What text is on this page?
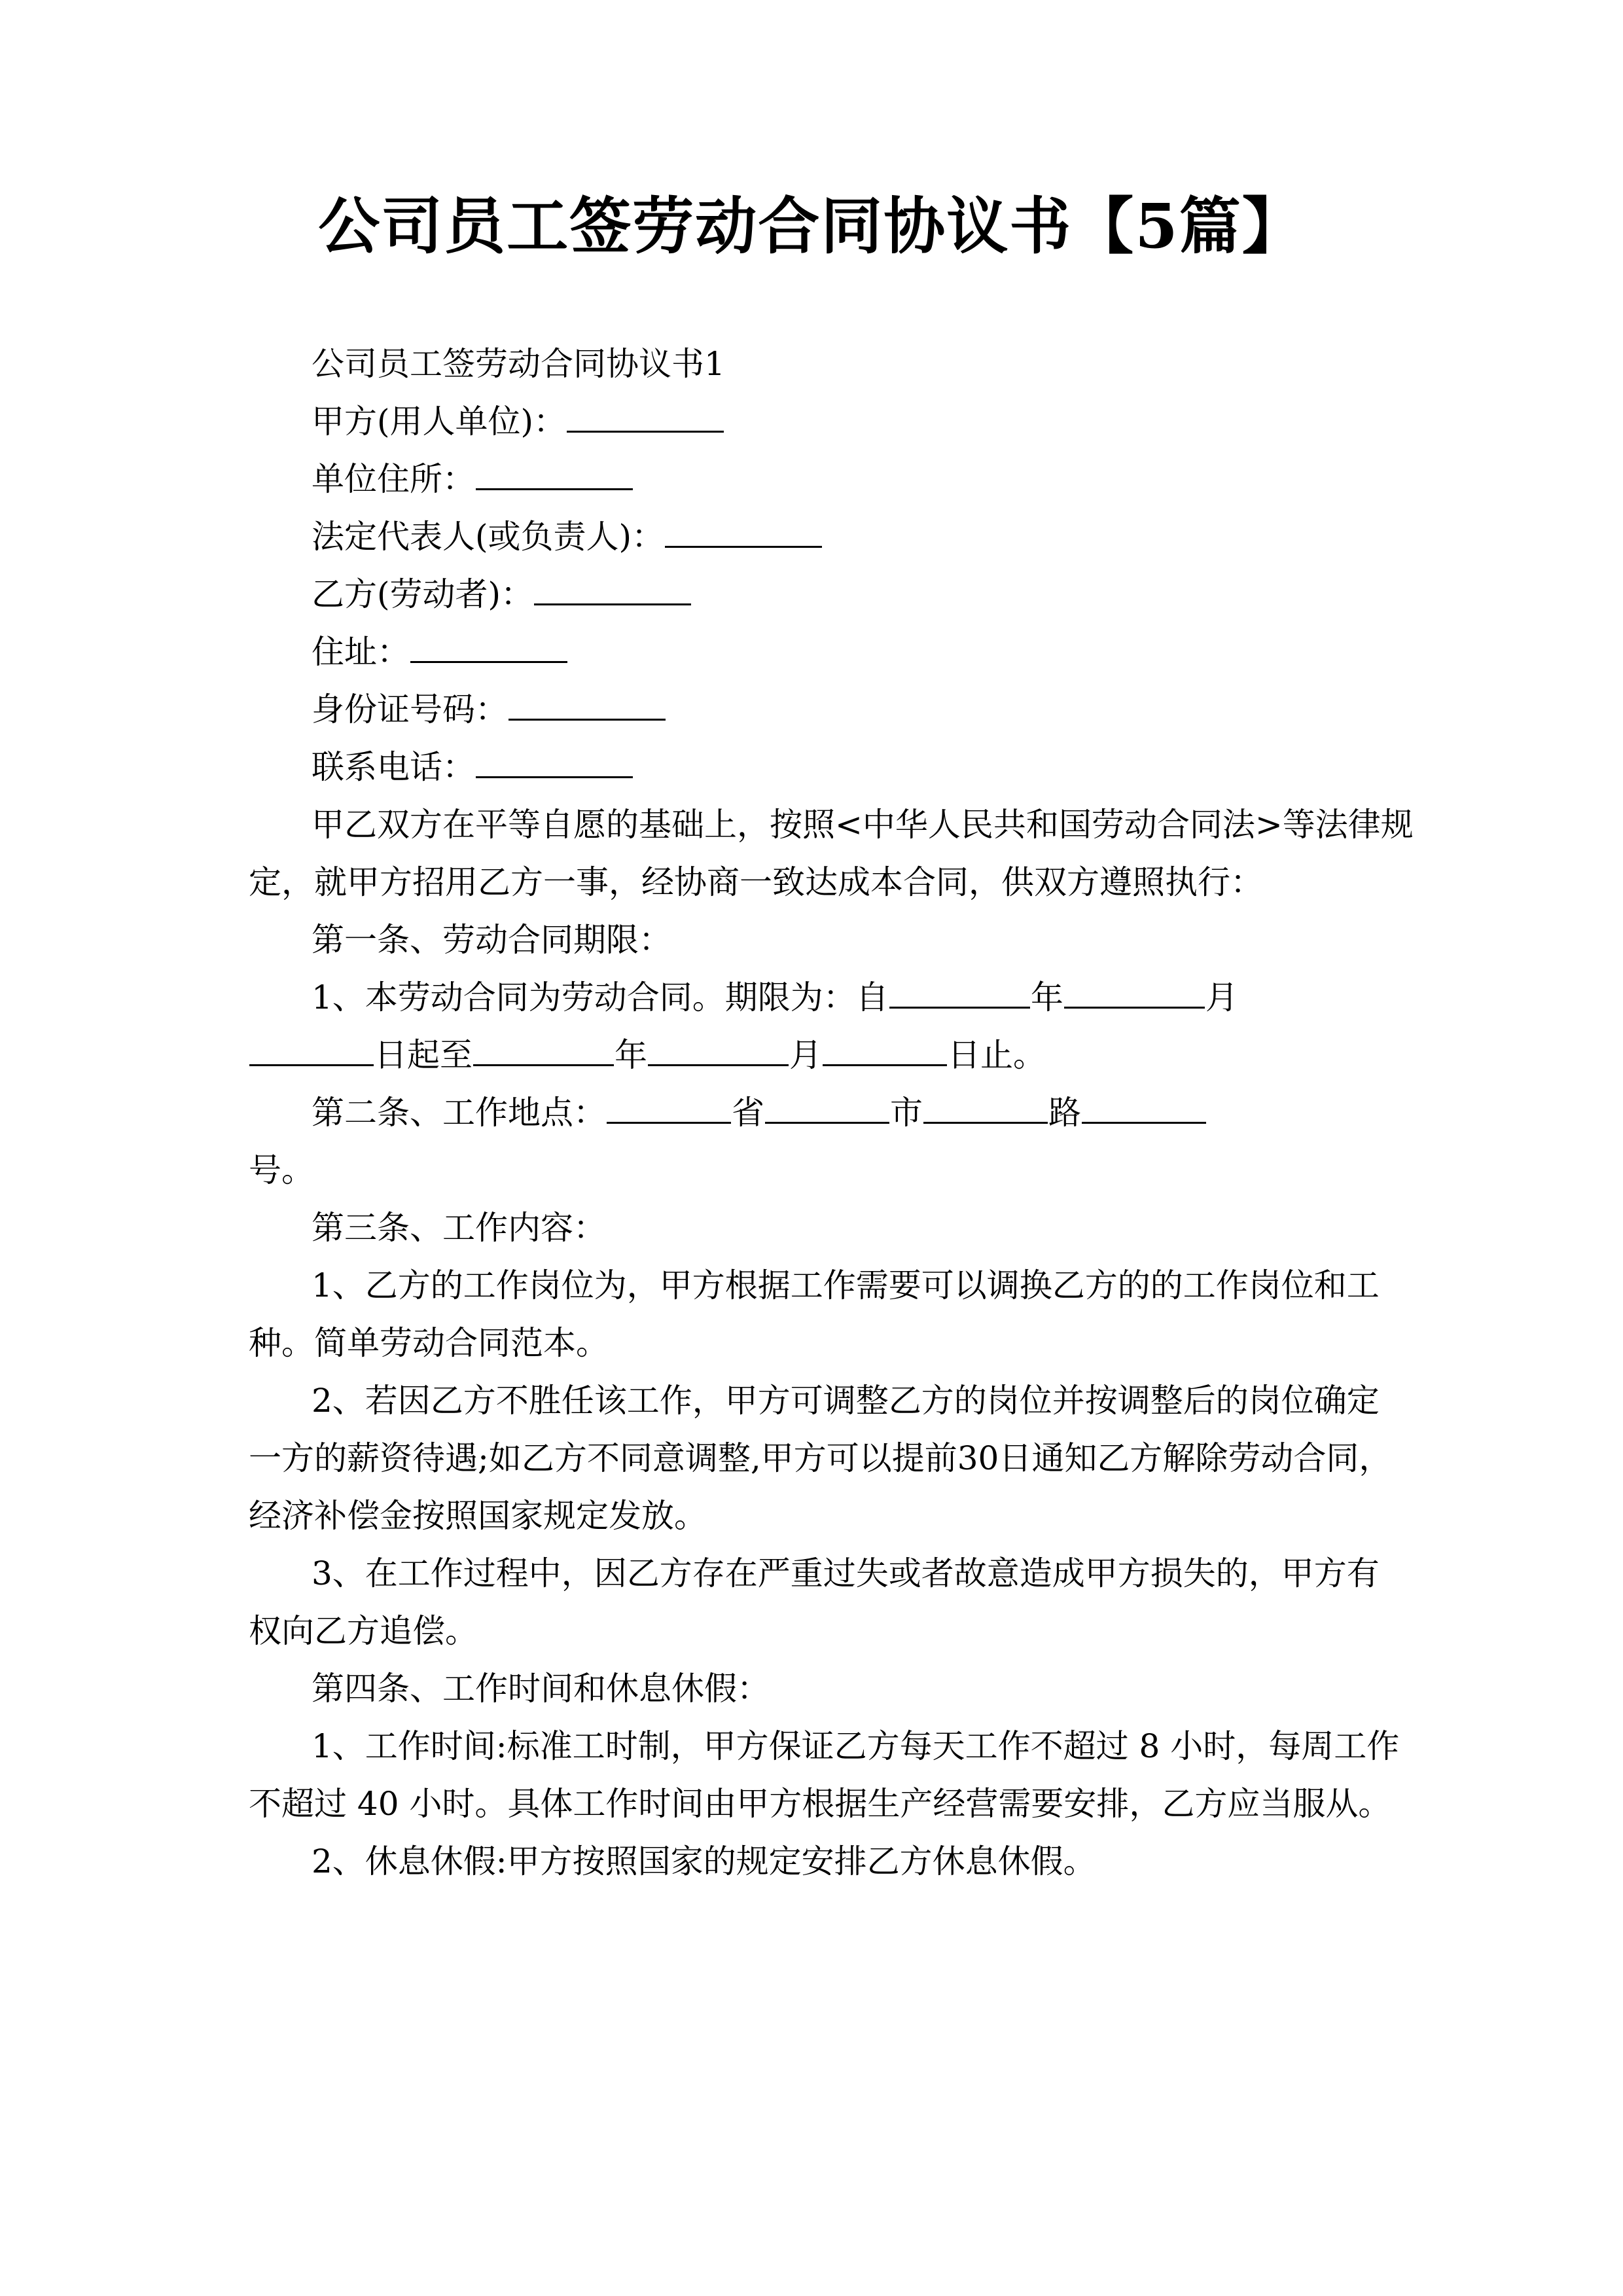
公司员工签劳动合同协议书【5篇】
公司员工签劳动合同协议书1
甲方(用人单位)：
单位住所：
法定代表人(或负责人)：
乙方(劳动者)：
住址：
身份证号码：
联系电话：
甲乙双方在平等自愿的基础上，按照<中华人民共和国劳动合同法>等法律规
定，就甲方招用乙方一事，经协商一致达成本合同，供双方遵照执行：
第一条、劳动合同期限：
1、本劳动合同为劳动合同。期限为：自	年	月
日起至	年	月	日止。
第二条、工作地点：	省	市	路
号。
第三条、工作内容：
1、乙方的工作岗位为，甲方根据工作需要可以调换乙方的的工作岗位和工
种。简单劳动合同范本。
2、若因乙方不胜任该工作，甲方可调整乙方的岗位并按调整后的岗位确定
一方的薪资待遇;如乙方不同意调整,甲方可以提前30日通知乙方解除劳动合同，
经济补偿金按照国家规定发放。
3、在工作过程中，因乙方存在严重过失或者故意造成甲方损失的，甲方有
权向乙方追偿。
第四条、工作时间和休息休假：
1、工作时间:标准工时制，甲方保证乙方每天工作不超过 8 小时，每周工作
不超过 40 小时。具体工作时间由甲方根据生产经营需要安排，乙方应当服从。
2、休息休假:甲方按照国家的规定安排乙方休息休假。
